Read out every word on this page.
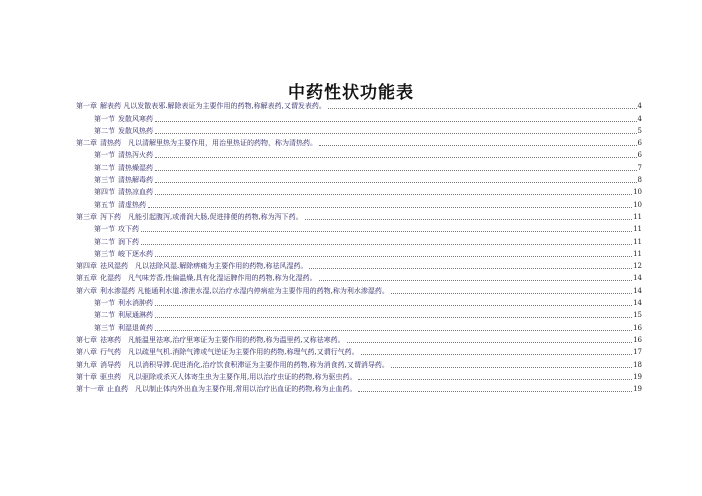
中药性状功能表
第一章 解表药 凡以发散表邪.解除表证为主要作用的药物,称解表药,又谓发表药。	4
第一节 发散风寒药	4
第二节 发散风热药	5
第二章 清热药　凡以清解里热为主要作用，用治里热证的药物，称为清热药。	6
第一节 清热泻火药	6
第二节 清热燥湿药	7
第三节 清热解毒药	8
第四节 清热凉血药	10
第五节 清虚热药	10
第三章 泻下药　凡能引起腹泻,或滑润大肠,促进排便的药物,称为泻下药。	11
第一节 攻下药	11
第二节 润下药	11
第三节 峻下逐水药	11
第四章 祛风湿药　凡以祛除风湿.解除痹痛为主要作用的药物,称祛风湿药。	12
第五章 化湿药　凡气味芳香,性偏温燥,具有化湿运脾作用的药物,称为化湿药。	14
第六章 利水渗湿药 凡能通利水道.渗泄水湿,以治疗水湿内停病症为主要作用的药物,称为利水渗湿药。	14
第一节 利水消肿药	14
第二节 利尿通淋药	15
第三节 利湿退黄药	16
第七章 祛寒药　凡能温里祛寒,治疗里寒证为主要作用的药物,称为温里药,又称祛寒药。	16
第八章 行气药　凡以疏里气机.消除气滞或气逆证为主要作用的药物,称理气药,又谓行气药。	17
第九章 消导药　凡以消积导滞.促进消化,治疗饮食积滞证为主要作用的药物,称为消食药,又谓消导药。	18
第十章 驱虫药　凡以驱除或杀灭人体寄生虫为主要作用,用以治疗虫证的药物,称为驱虫药。	19
第十一章 止血药　凡以制止体内外出血为主要作用,常用以治疗出血证的药物,称为止血药。	19
